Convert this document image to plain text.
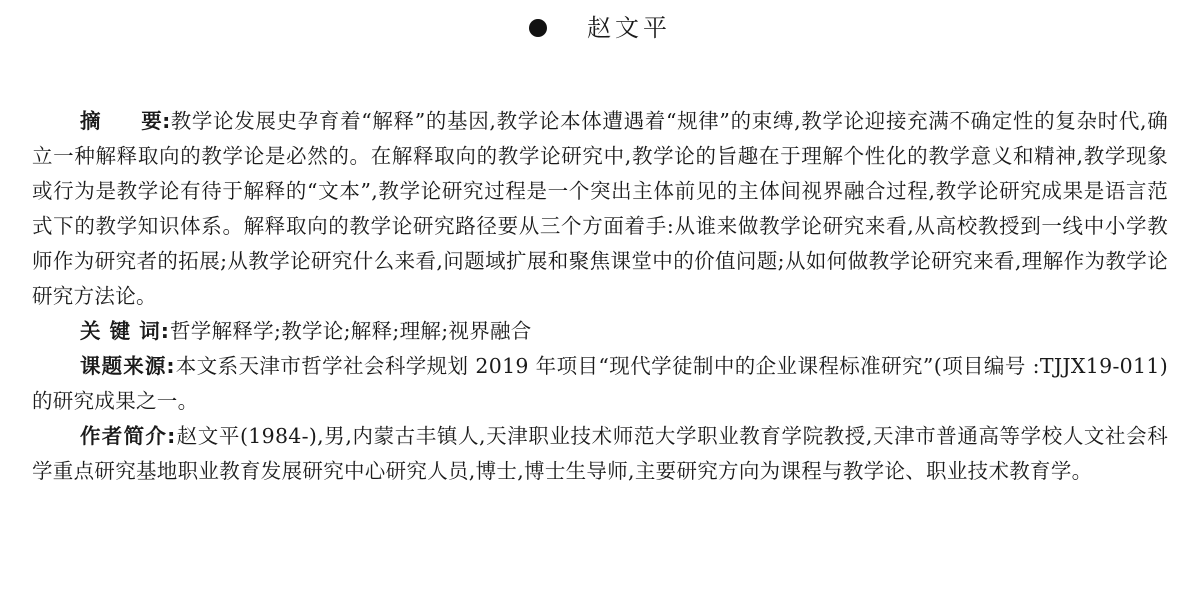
赵文平

摘 要:教学论发展史孕育着“解释”的基因,教学论本体遭遇着“规律”的束缚,教学论迎接充满不确定性的复杂时代,确立一种解释取向的教学论是必然的。在解释取向的教学论研究中,教学论的旨趣在于理解个性化的教学意义和精神,教学现象或行为是教学论有待于解释的“文本”,教学论研究过程是一个突出主体前见的主体间视界融合过程,教学论研究成果是语言范式下的教学知识体系。解释取向的教学论研究路径要从三个方面着手:从谁来做教学论研究来看,从高校教授到一线中小学教师作为研究者的拓展;从教学论研究什么来看,问题域扩展和聚焦课堂中的价值问题;从如何做教学论研究来看,理解作为教学论研究方法论。

关 键 词:哲学解释学;教学论;解释;理解;视界融合

课题来源:本文系天津市哲学社会科学规划 2019 年项目“现代学徒制中的企业课程标准研究”(项目编号 :TJJX19-011)的研究成果之一。

作者简介:赵文平(1984-),男,内蒙古丰镇人,天津职业技术师范大学职业教育学院教授,天津市普通高等学校人文社会科学重点研究基地职业教育发展研究中心研究人员,博士,博士生导师,主要研究方向为课程与教学论、职业技术教育学。
